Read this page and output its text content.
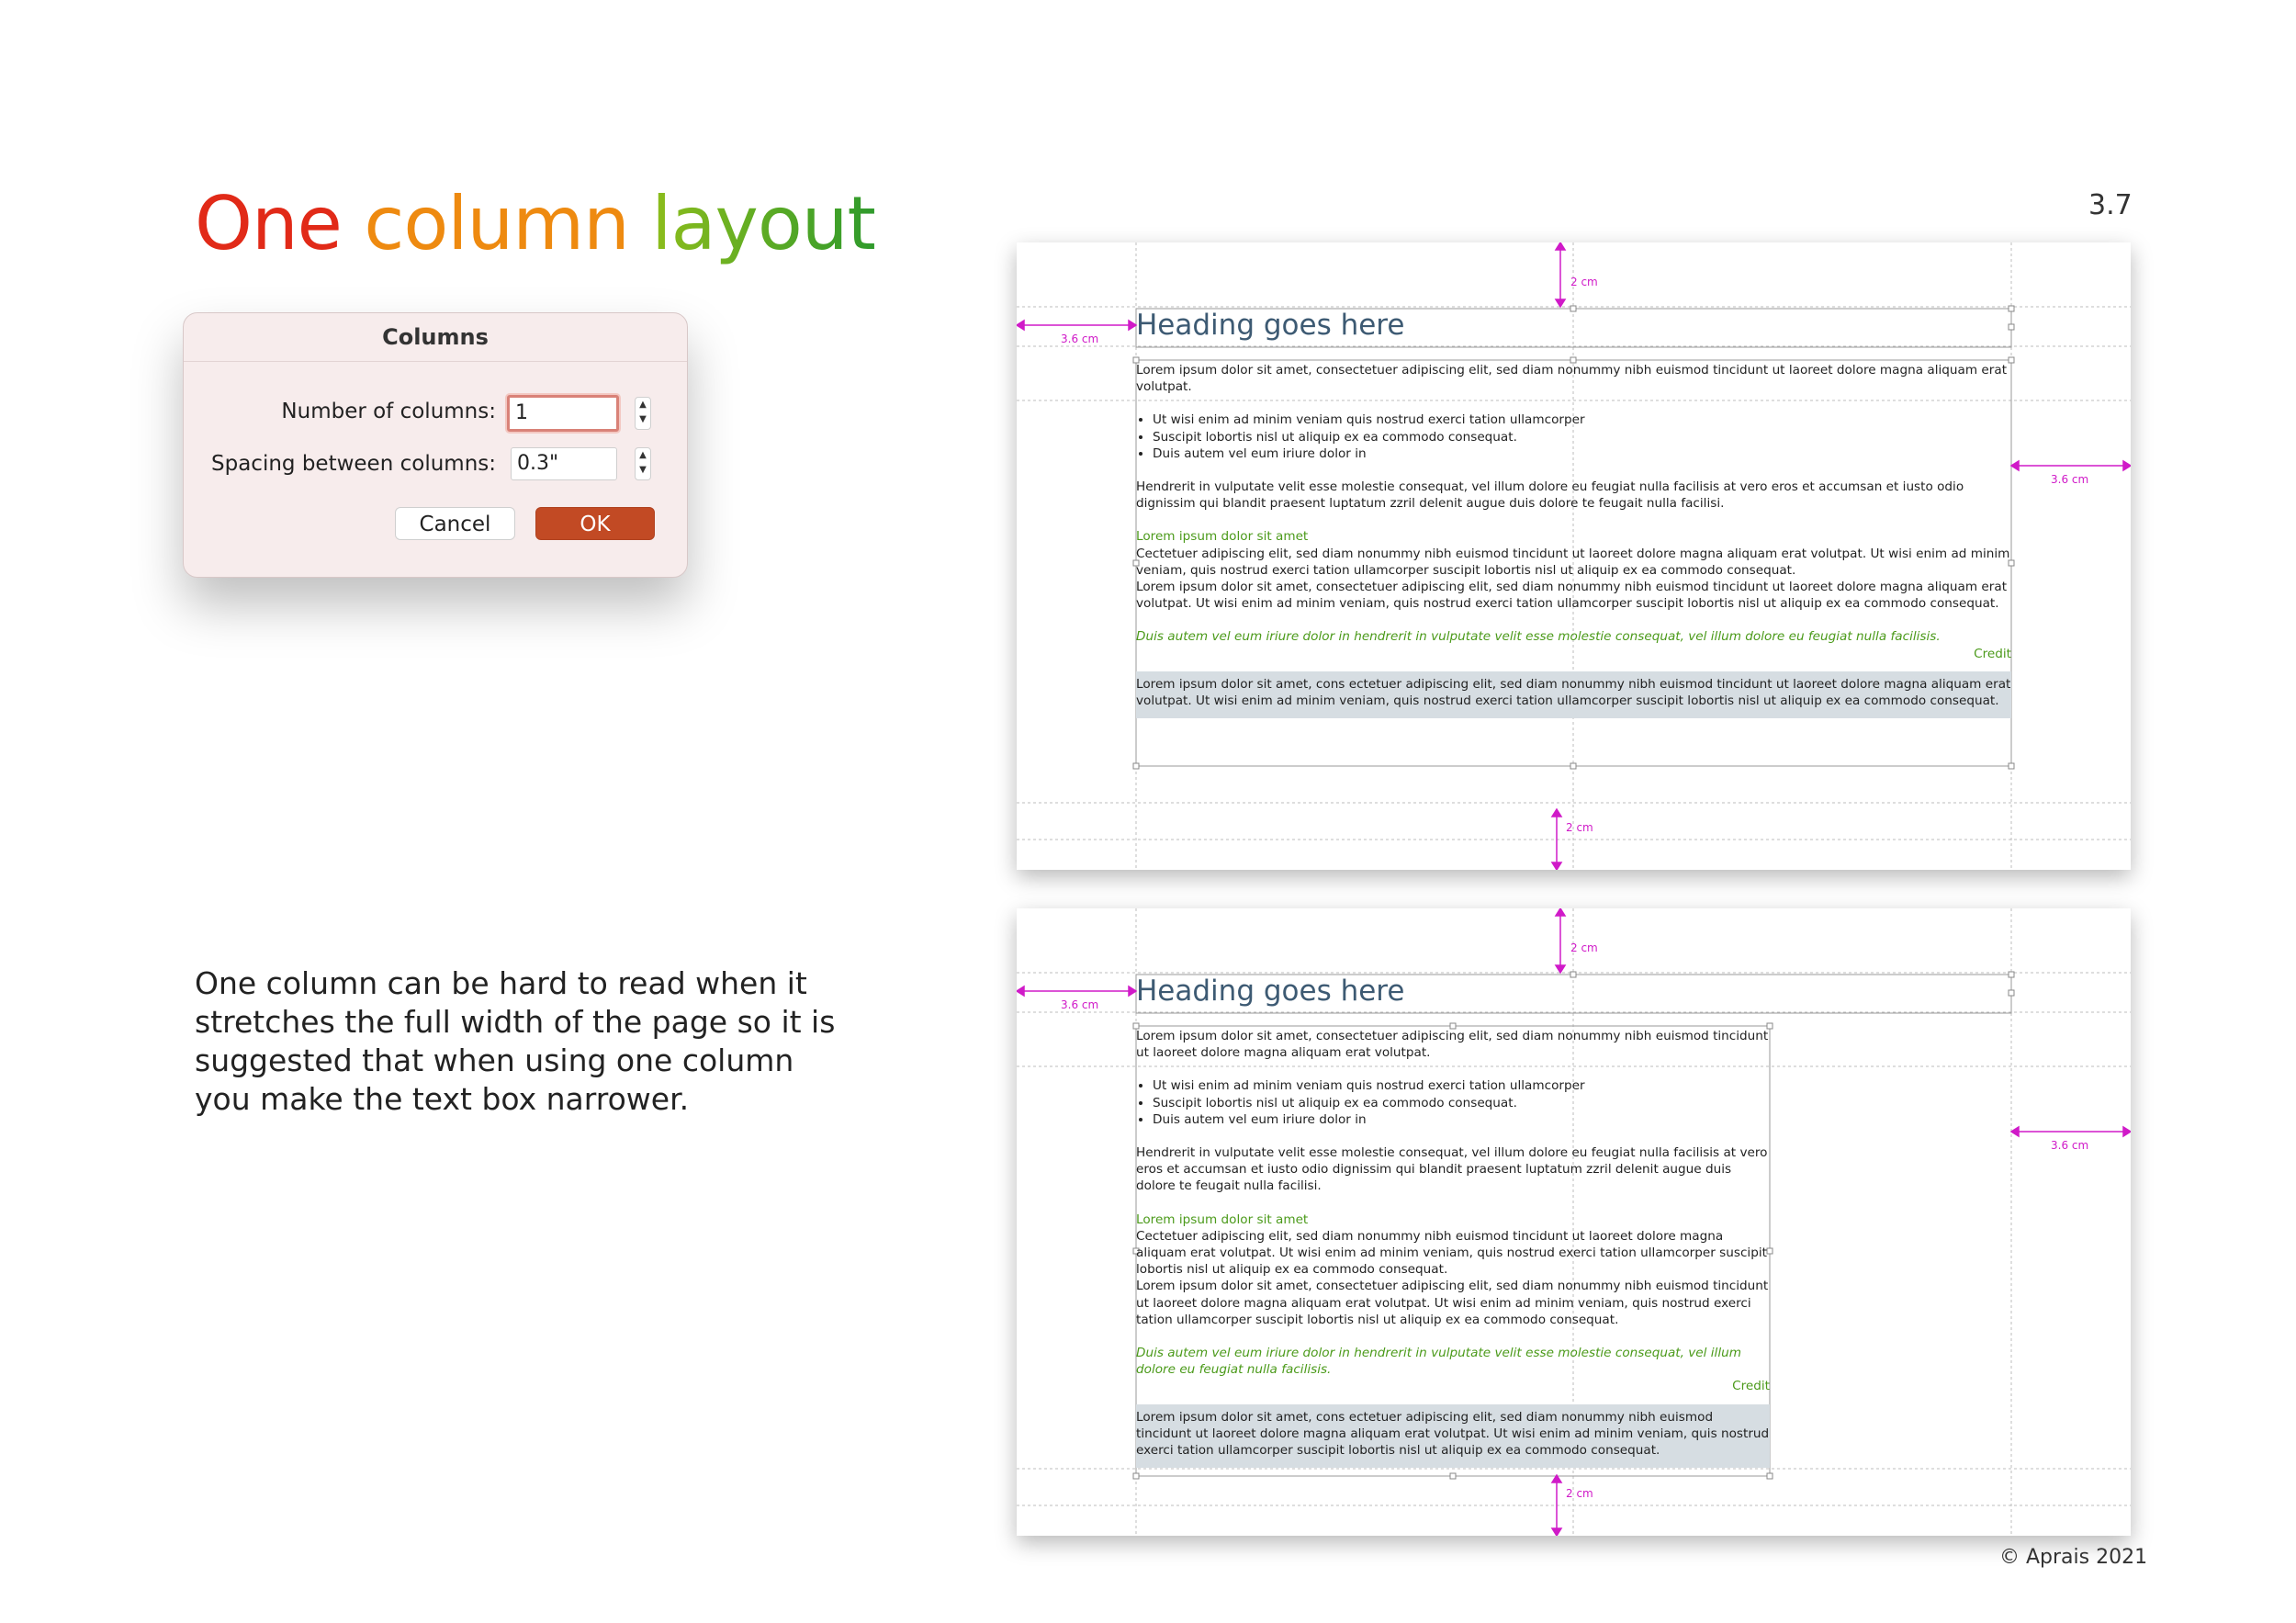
One column layout	3.7
Columns
Number of columns: 1	▲
▼
Spacing between columns:	0.3"	▲
▼
Cancel	OK
One column can be hard to read when it stretches the full width of the page so it is suggested that when using one column you make the text box narrower.
2 cm
3.6 cm
3.6 cm
2 cm
Heading goes here

Lorem ipsum dolor sit amet, consectetuer adipiscing elit, sed diam nonummy nibh euismod tincidunt ut laoreet dolore magna aliquam erat volutpat.

• Ut wisi enim ad minim veniam quis nostrud exerci tation ullamcorper
• Suscipit lobortis nisl ut aliquip ex ea commodo consequat.
• Duis autem vel eum iriure dolor in

Hendrerit in vulputate velit esse molestie consequat, vel illum dolore eu feugiat nulla facilisis at vero eros et accumsan et iusto odio dignissim qui blandit praesent luptatum zzril delenit augue duis dolore te feugait nulla facilisi.

Lorem ipsum dolor sit amet

Cectetuer adipiscing elit, sed diam nonummy nibh euismod tincidunt ut laoreet dolore magna aliquam erat volutpat. Ut wisi enim ad minim veniam, quis nostrud exerci tation ullamcorper suscipit lobortis nisl ut aliquip ex ea commodo consequat.

Lorem ipsum dolor sit amet, consectetuer adipiscing elit, sed diam nonummy nibh euismod tincidunt ut laoreet dolore magna aliquam erat volutpat. Ut wisi enim ad minim veniam, quis nostrud exerci tation ullamcorper suscipit lobortis nisl ut aliquip ex ea commodo consequat.

Duis autem vel eum iriure dolor in hendrerit in vulputate velit esse molestie consequat, vel illum dolore eu feugiat nulla facilisis.

Credit

Lorem ipsum dolor sit amet, cons ectetuer adipiscing elit, sed diam nonummy nibh euismod tincidunt ut laoreet dolore magna aliquam erat volutpat. Ut wisi enim ad minim veniam, quis nostrud exerci tation ullamcorper suscipit lobortis nisl ut aliquip ex ea commodo consequat.

2 cm
3.6 cm
3.6 cm
2 cm
Heading goes here

Lorem ipsum dolor sit amet, consectetuer adipiscing elit, sed diam nonummy nibh euismod tincidunt ut laoreet dolore magna aliquam erat volutpat.

• Ut wisi enim ad minim veniam quis nostrud exerci tation ullamcorper
• Suscipit lobortis nisl ut aliquip ex ea commodo consequat.
• Duis autem vel eum iriure dolor in

Hendrerit in vulputate velit esse molestie consequat, vel illum dolore eu feugiat nulla facilisis at vero eros et accumsan et iusto odio dignissim qui blandit praesent luptatum zzril delenit augue duis dolore te feugait nulla facilisi.

Lorem ipsum dolor sit amet

Cectetuer adipiscing elit, sed diam nonummy nibh euismod tincidunt ut laoreet dolore magna aliquam erat volutpat. Ut wisi enim ad minim veniam, quis nostrud exerci tation ullamcorper suscipit lobortis nisl ut aliquip ex ea commodo consequat.

Lorem ipsum dolor sit amet, consectetuer adipiscing elit, sed diam nonummy nibh euismod tincidunt ut laoreet dolore magna aliquam erat volutpat. Ut wisi enim ad minim veniam, quis nostrud exerci tation ullamcorper suscipit lobortis nisl ut aliquip ex ea commodo consequat.

Duis autem vel eum iriure dolor in hendrerit in vulputate velit esse molestie consequat, vel illum dolore eu feugiat nulla facilisis.

Credit

Lorem ipsum dolor sit amet, cons ectetuer adipiscing elit, sed diam nonummy nibh euismod tincidunt ut laoreet dolore magna aliquam erat volutpat. Ut wisi enim ad minim veniam, quis nostrud exerci tation ullamcorper suscipit lobortis nisl ut aliquip ex ea commodo consequat.

© Aprais 2021
